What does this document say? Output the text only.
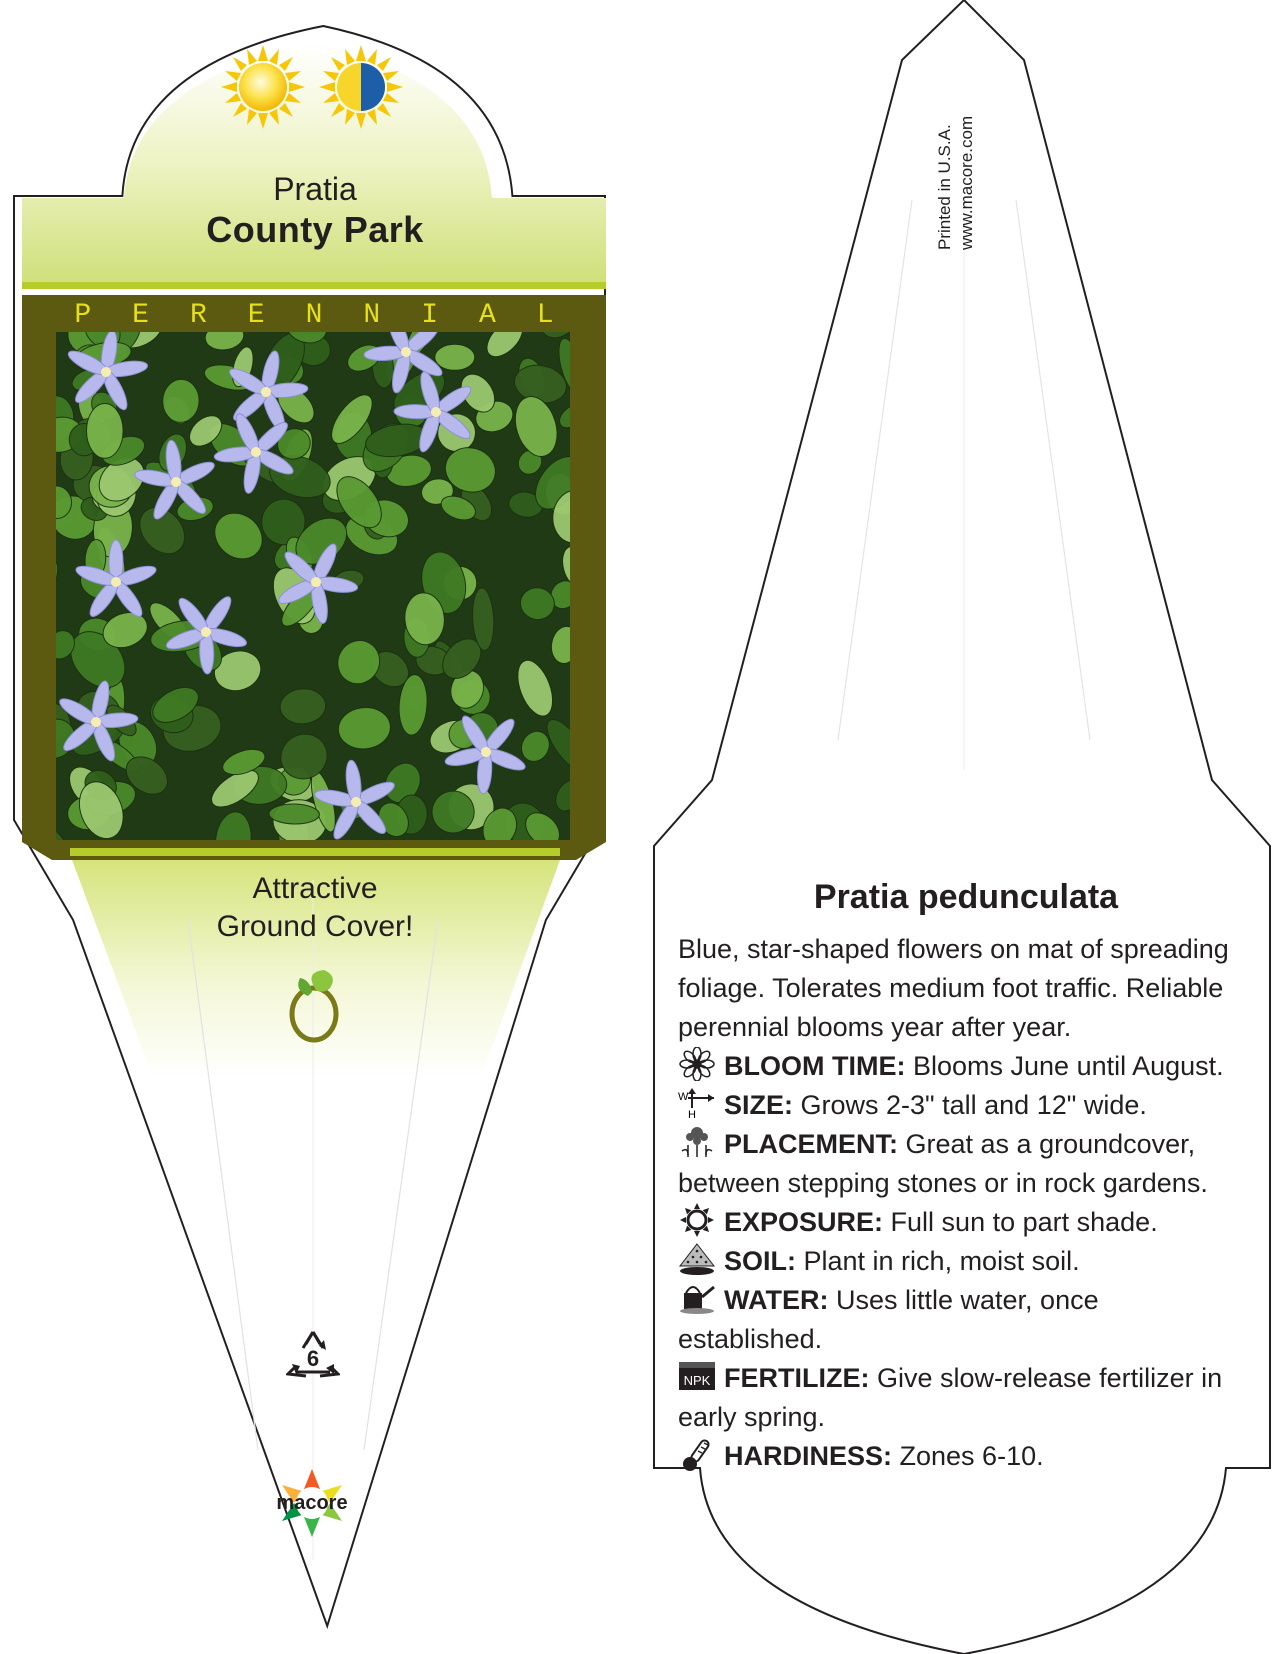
Pratia
County Park
PERENNIAL
Attractive
Ground Cover!
6
macore
Printed in U.S.A. www.macore.com
Pratia pedunculata

Blue, star-shaped flowers on mat of spreading foliage. Tolerates medium foot traffic. Reliable perennial blooms year after year.

BLOOM TIME: Blooms June until August.

W
H SIZE: Grows 2-3" tall and 12" wide.

PLACEMENT: Great as a groundcover, between stepping stones or in rock gardens.

EXPOSURE: Full sun to part shade.

SOIL: Plant in rich, moist soil.

WATER: Uses little water, once established.

NPK FERTILIZE: Give slow-release fertilizer in early spring.

HARDINESS: Zones 6-10.
